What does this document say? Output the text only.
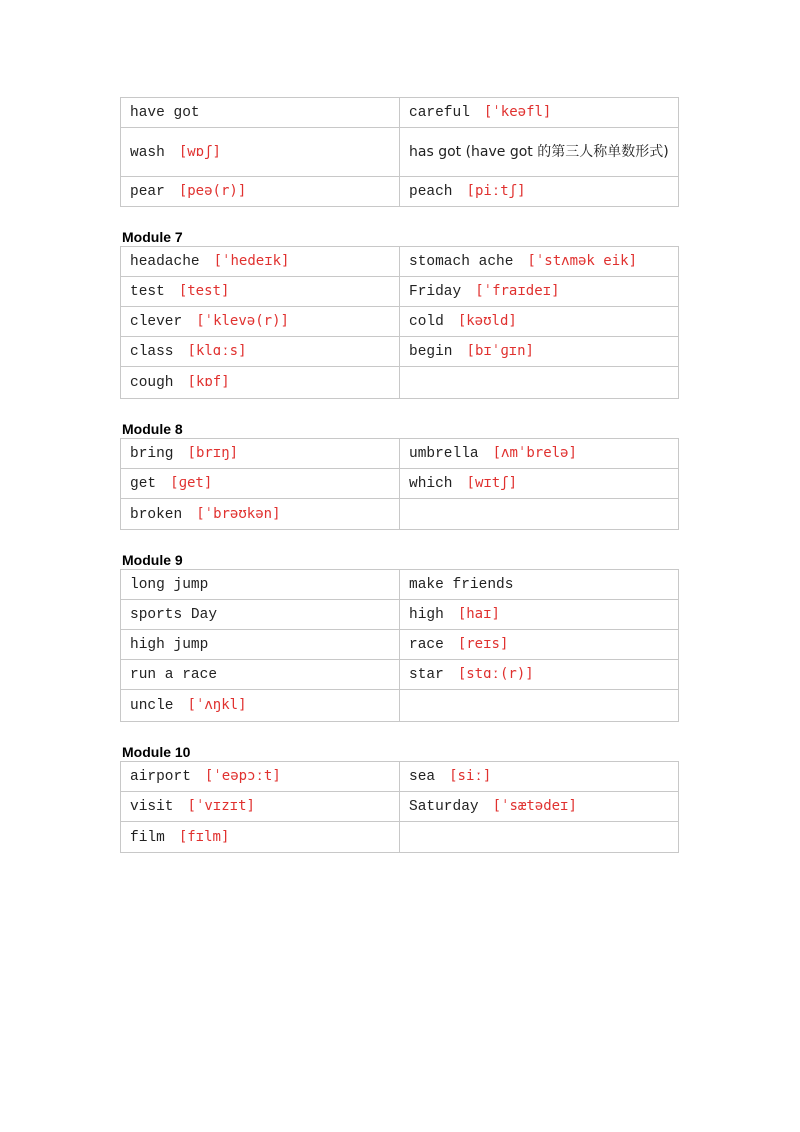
have got	careful [ˈkeəfl]
wash [wɒʃ]	has got (have got 的第三人称单数形式)
pear [peə(r)]	peach [piːtʃ]
Module 7
headache [ˈhedeɪk]	stomach ache [ˈstʌmək eik]
test [test]	Friday [ˈfraɪdeɪ]
clever [ˈklevə(r)]	cold [kəʊld]
class [klɑːs]	begin [bɪˈɡɪn]
cough [kɒf]	
Module 8
bring [brɪŋ]	umbrella [ʌmˈbrelə]
get [ɡet]	which [wɪtʃ]
broken [ˈbrəʊkən]	
Module 9
long jump	make friends
sports Day	high [haɪ]
high jump	race [reɪs]
run a race	star [stɑː(r)]
uncle [ˈʌŋkl]	
Module 10
airport [ˈeəpɔːt]	sea [siː]
visit [ˈvɪzɪt]	Saturday [ˈsætədeɪ]
film [fɪlm]	
